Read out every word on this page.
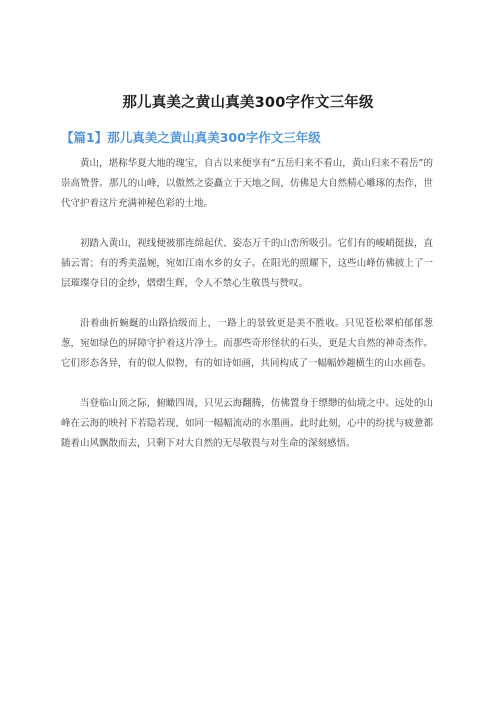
那儿真美之黄山真美300字作文三年级
【篇1】那儿真美之黄山真美300字作文三年级

黄山，堪称华夏大地的瑰宝，自古以来便享有“五岳归来不看山，黄山归来不看岳”的崇高赞誉。那儿的山峰，以傲然之姿矗立于天地之间，仿佛是大自然精心雕琢的杰作，世代守护着这片充满神秘色彩的土地。

初踏入黄山，视线便被那连绵起伏、姿态万千的山峦所吸引。它们有的峻峭挺拔，直插云霄；有的秀美温婉，宛如江南水乡的女子。在阳光的照耀下，这些山峰仿佛披上了一层璀璨夺目的金纱，熠熠生辉，令人不禁心生敬畏与赞叹。

沿着曲折蜿蜒的山路拾级而上，一路上的景致更是美不胜收。只见苍松翠柏郁郁葱葱，宛如绿色的屏障守护着这片净土。而那些奇形怪状的石头，更是大自然的神奇杰作。它们形态各异，有的似人似物，有的如诗如画，共同构成了一幅幅妙趣横生的山水画卷。

当登临山顶之际，俯瞰四周，只见云海翻腾，仿佛置身于缥缈的仙境之中。远处的山峰在云海的映衬下若隐若现，如同一幅幅流动的水墨画。此时此刻，心中的纷扰与疲惫都随着山风飘散而去，只剩下对大自然的无尽敬畏与对生命的深刻感悟。
